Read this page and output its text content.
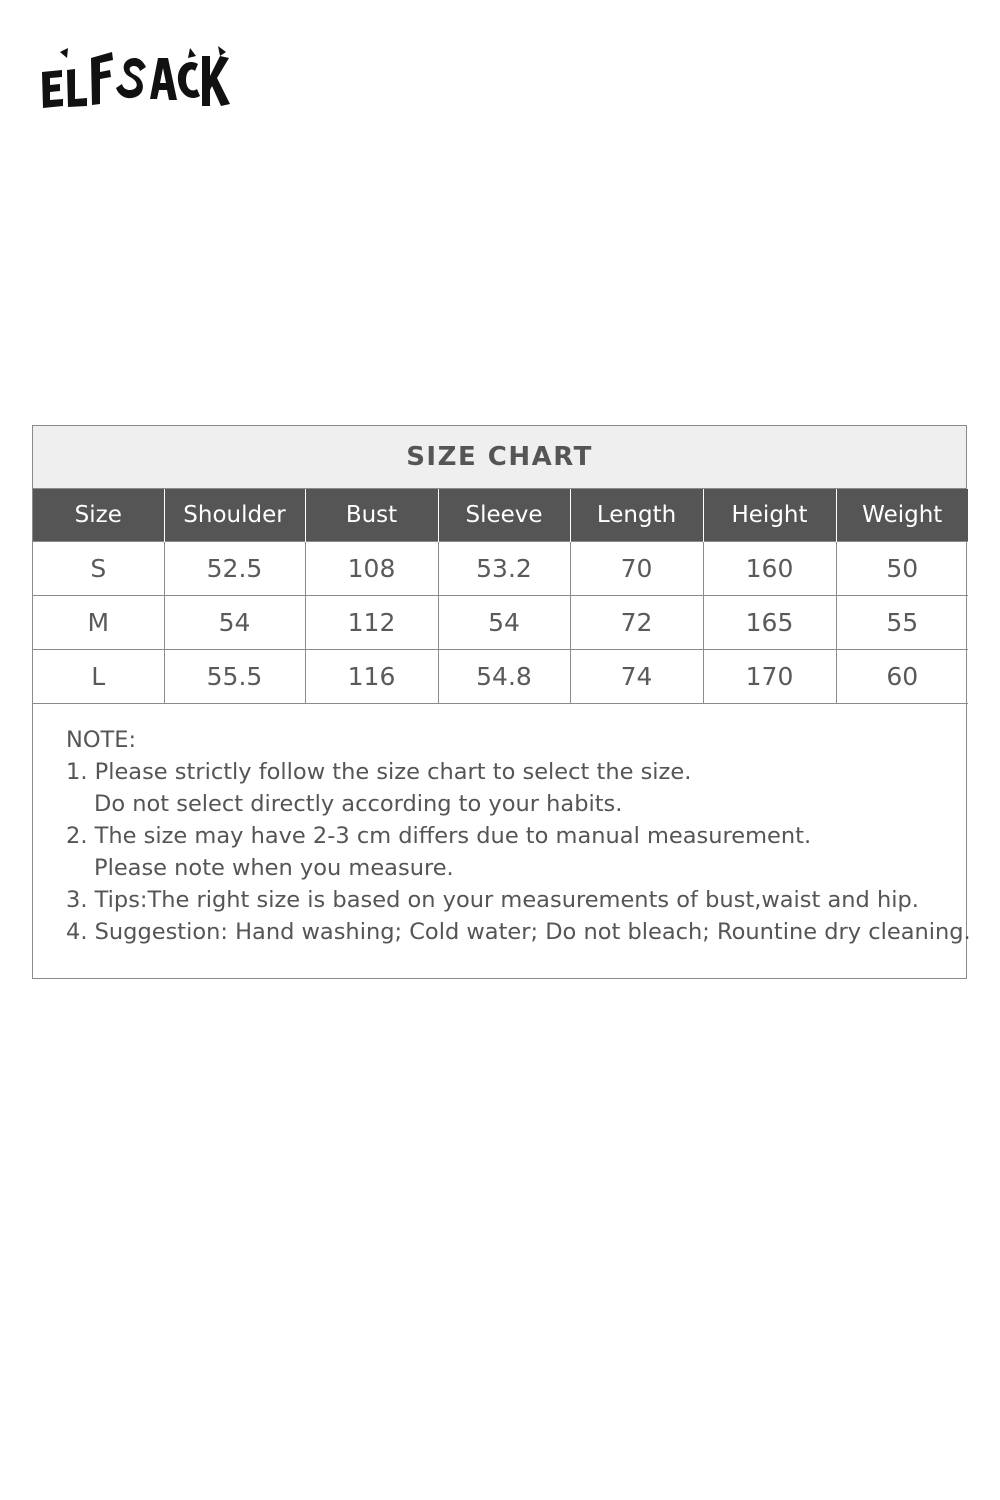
SIZE CHART
Size	Shoulder	Bust	Sleeve	Length	Height	Weight
S	52.5	108	53.2	70	160	50
M	54	112	54	72	165	55
L	55.5	116	54.8	74	170	60
NOTE:
1. Please strictly follow the size chart to select the size.
Do not select directly according to your habits.
2. The size may have 2-3 cm differs due to manual measurement.
Please note when you measure.
3. Tips:The right size is based on your measurements of bust,waist and hip.
4. Suggestion: Hand washing; Cold water; Do not bleach; Rountine dry cleaning.
